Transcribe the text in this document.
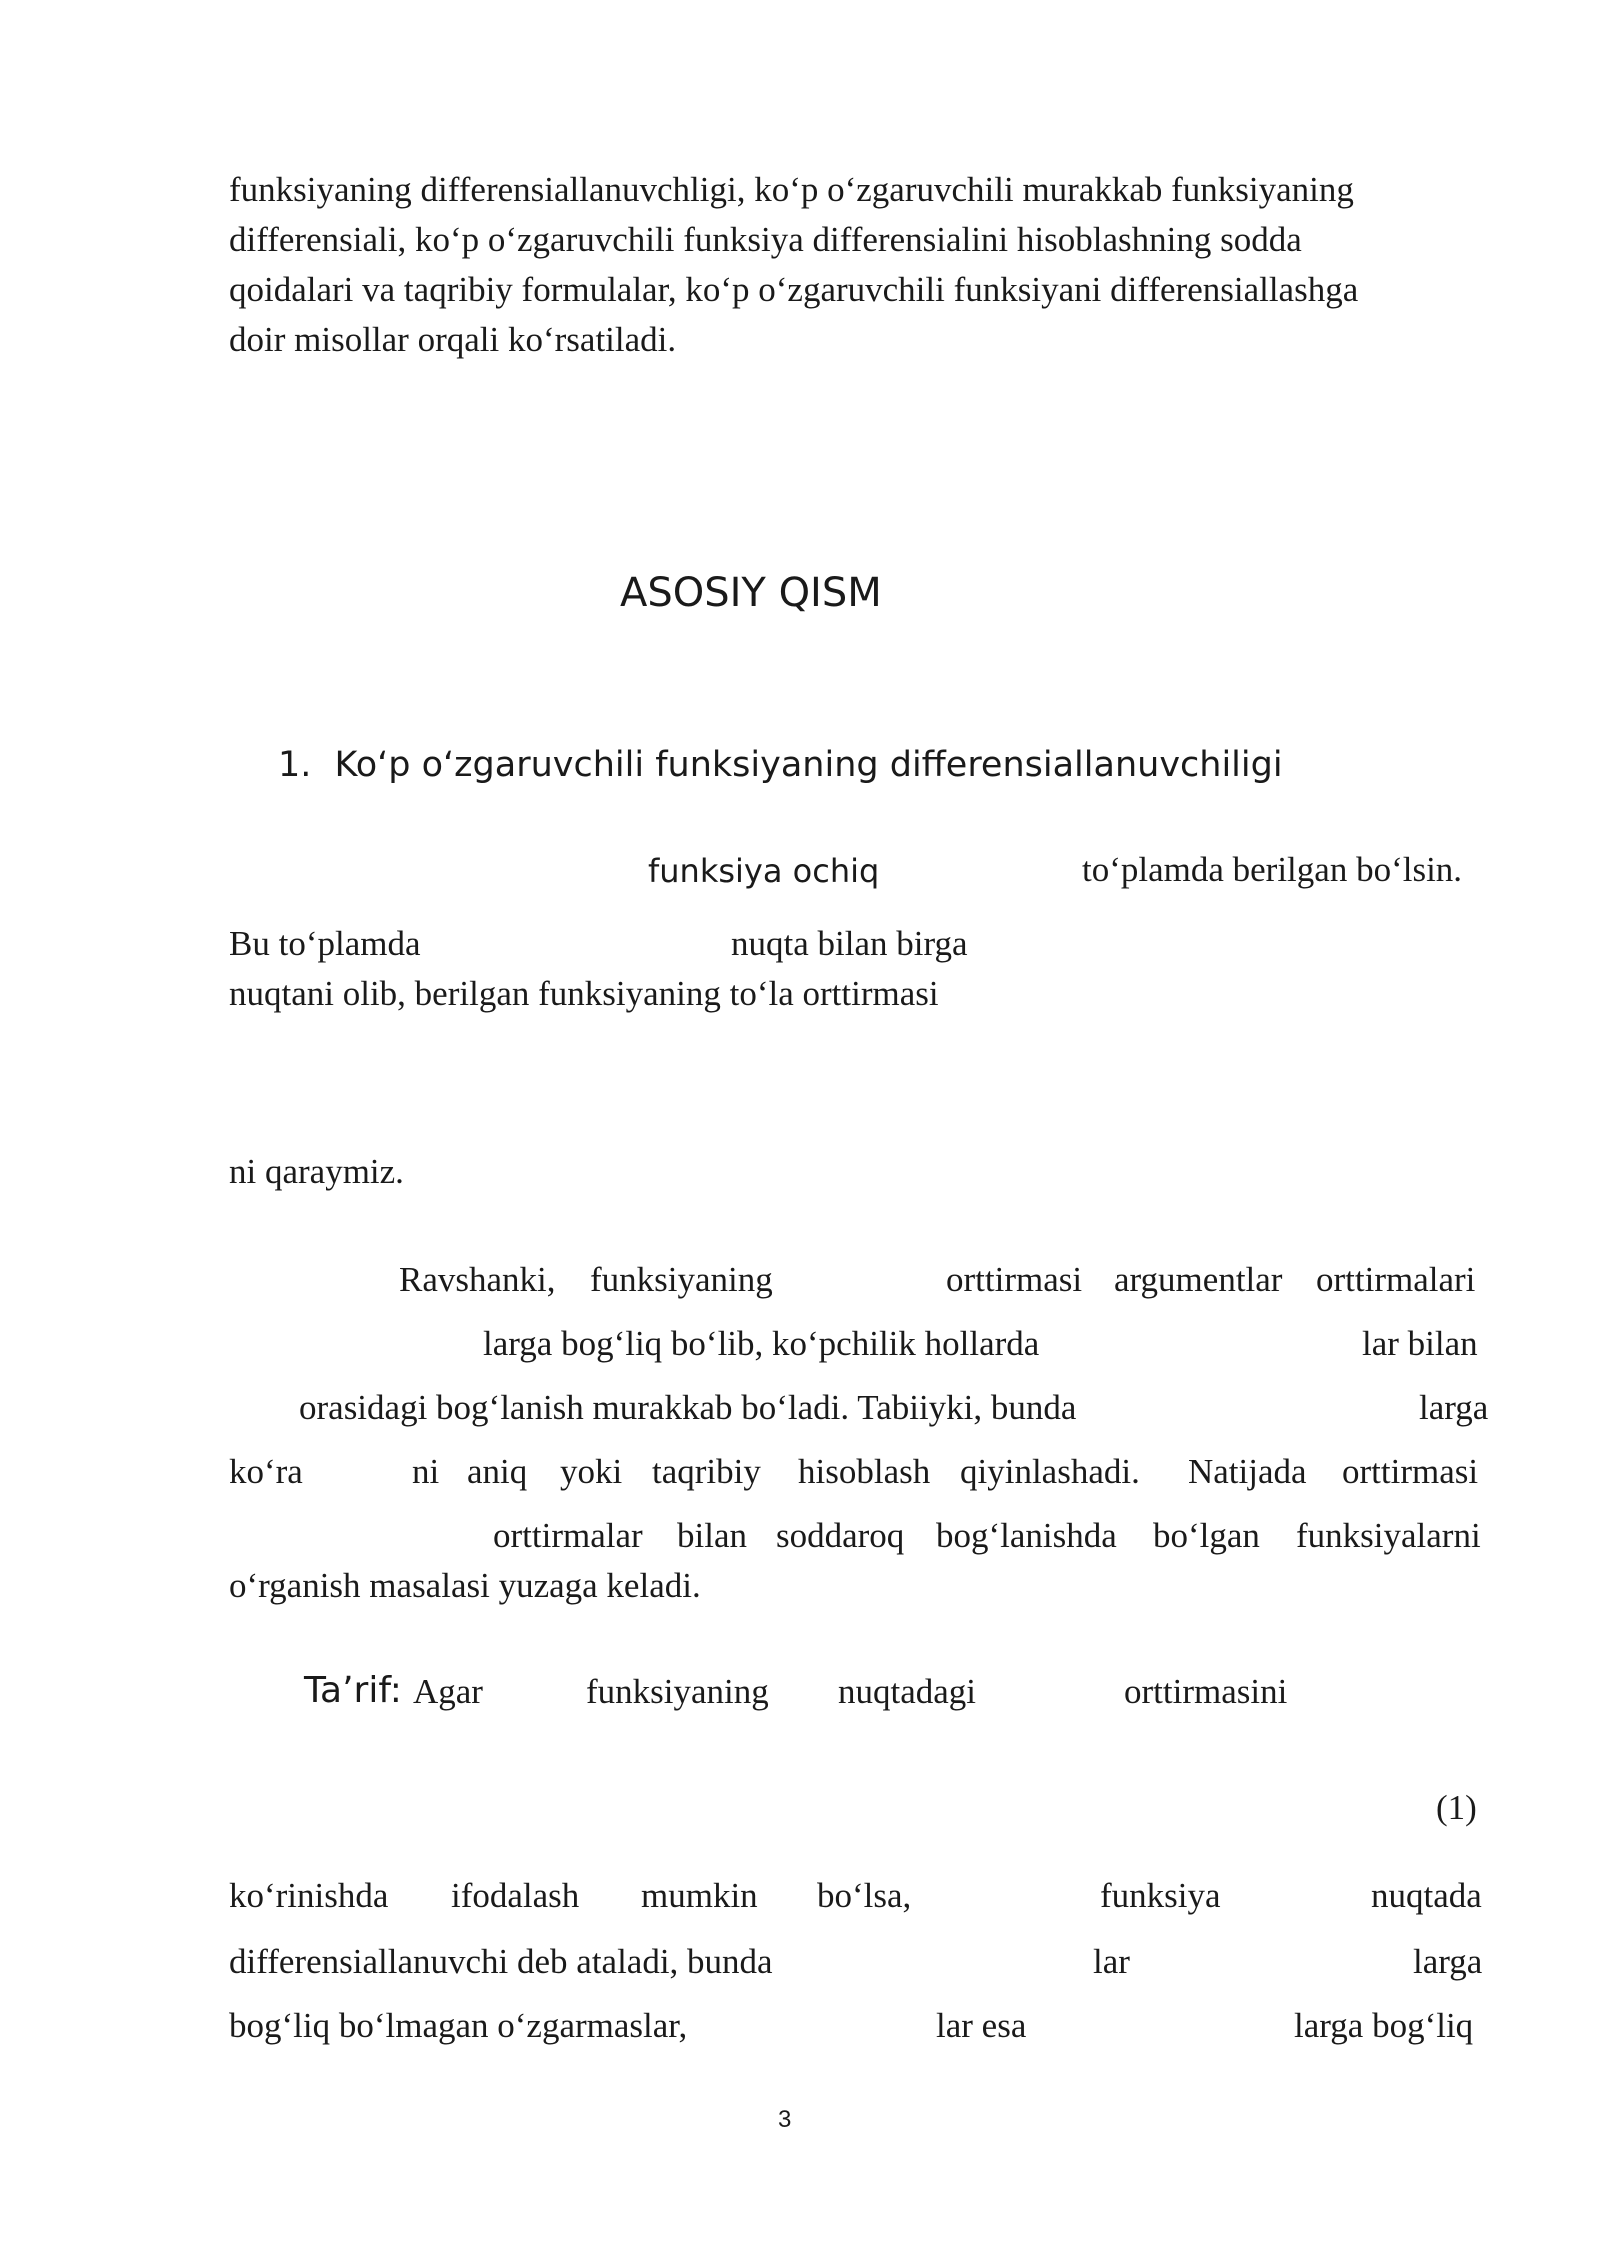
funksiyaning differensiallanuvchligi, ko‘p o‘zgaruvchili murakkab funksiyaning
differensiali, ko‘p o‘zgaruvchili funksiya differensialini hisoblashning sodda
qoidalari va taqribiy formulalar, ko‘p o‘zgaruvchili funksiyani differensiallashga
doir misollar orqali ko‘rsatiladi.
ASOSIY QISM
1. Ko‘p o‘zgaruvchili funksiyaning differensiallanuvchiligi
funksiya ochiq	to‘plamda berilgan bo‘lsin.
Bu to‘plamda	nuqta bilan birga
nuqtani olib, berilgan funksiyaning to‘la orttirmasi
ni qaraymiz.
Ravshanki, funksiyaning	orttirmasi argumentlar orttirmalari
larga bog‘liq bo‘lib, ko‘pchilik hollarda	lar bilan
orasidagi bog‘lanish murakkab bo‘ladi. Tabiiyki, bunda	larga
ko‘ra	ni aniq yoki taqribiy hisoblash qiyinlashadi. Natijada orttirmasi
orttirmalar bilan soddaroq bog‘lanishda bo‘lgan funksiyalarni
o‘rganish masalasi yuzaga keladi.
Ta’rif: Agar	funksiyaning nuqtadagi	orttirmasini
(1)
ko‘rinishda ifodalash mumkin bo‘lsa,	funksiya	nuqtada
differensiallanuvchi deb ataladi, bunda	lar	larga
bog‘liq bo‘lmagan o‘zgarmaslar,	lar esa	larga bog‘liq
3
